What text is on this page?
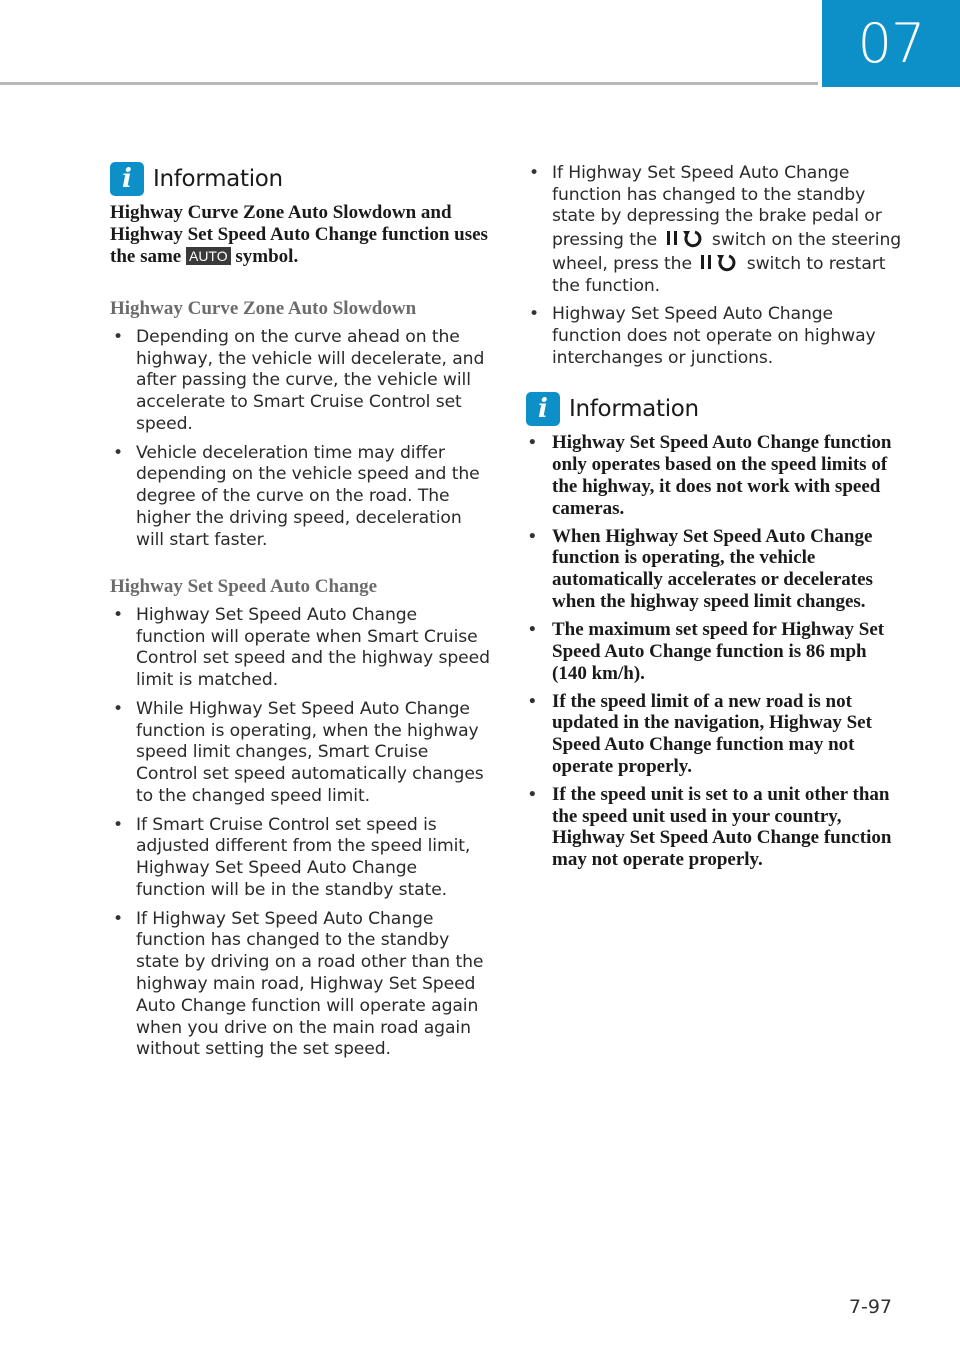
07
i Information
Highway Curve Zone Auto Slowdown and Highway Set Speed Auto Change function uses the same AUTO symbol.
Highway Curve Zone Auto Slowdown
• Depending on the curve ahead on the highway, the vehicle will decelerate, and after passing the curve, the vehicle will accelerate to Smart Cruise Control set speed.
• Vehicle deceleration time may differ depending on the vehicle speed and the degree of the curve on the road. The higher the driving speed, deceleration will start faster.
Highway Set Speed Auto Change
• Highway Set Speed Auto Change function will operate when Smart Cruise Control set speed and the highway speed limit is matched.
• While Highway Set Speed Auto Change function is operating, when the highway speed limit changes, Smart Cruise Control set speed automatically changes to the changed speed limit.
• If Smart Cruise Control set speed is adjusted different from the speed limit, Highway Set Speed Auto Change function will be in the standby state.
• If Highway Set Speed Auto Change function has changed to the standby state by driving on a road other than the highway main road, Highway Set Speed Auto Change function will operate again when you drive on the main road again without setting the set speed.
• If Highway Set Speed Auto Change function has changed to the standby state by depressing the brake pedal or pressing the	switch on the steering wheel, press the	switch to restart the function.
• Highway Set Speed Auto Change function does not operate on highway interchanges or junctions.
i Information
• Highway Set Speed Auto Change function only operates based on the speed limits of the highway, it does not work with speed cameras.
• When Highway Set Speed Auto Change function is operating, the vehicle automatically accelerates or decelerates when the highway speed limit changes.
• The maximum set speed for Highway Set Speed Auto Change function is 86 mph (140 km/h).
• If the speed limit of a new road is not updated in the navigation, Highway Set Speed Auto Change function may not operate properly.
• If the speed unit is set to a unit other than the speed unit used in your country, Highway Set Speed Auto Change function may not operate properly.
7-97
